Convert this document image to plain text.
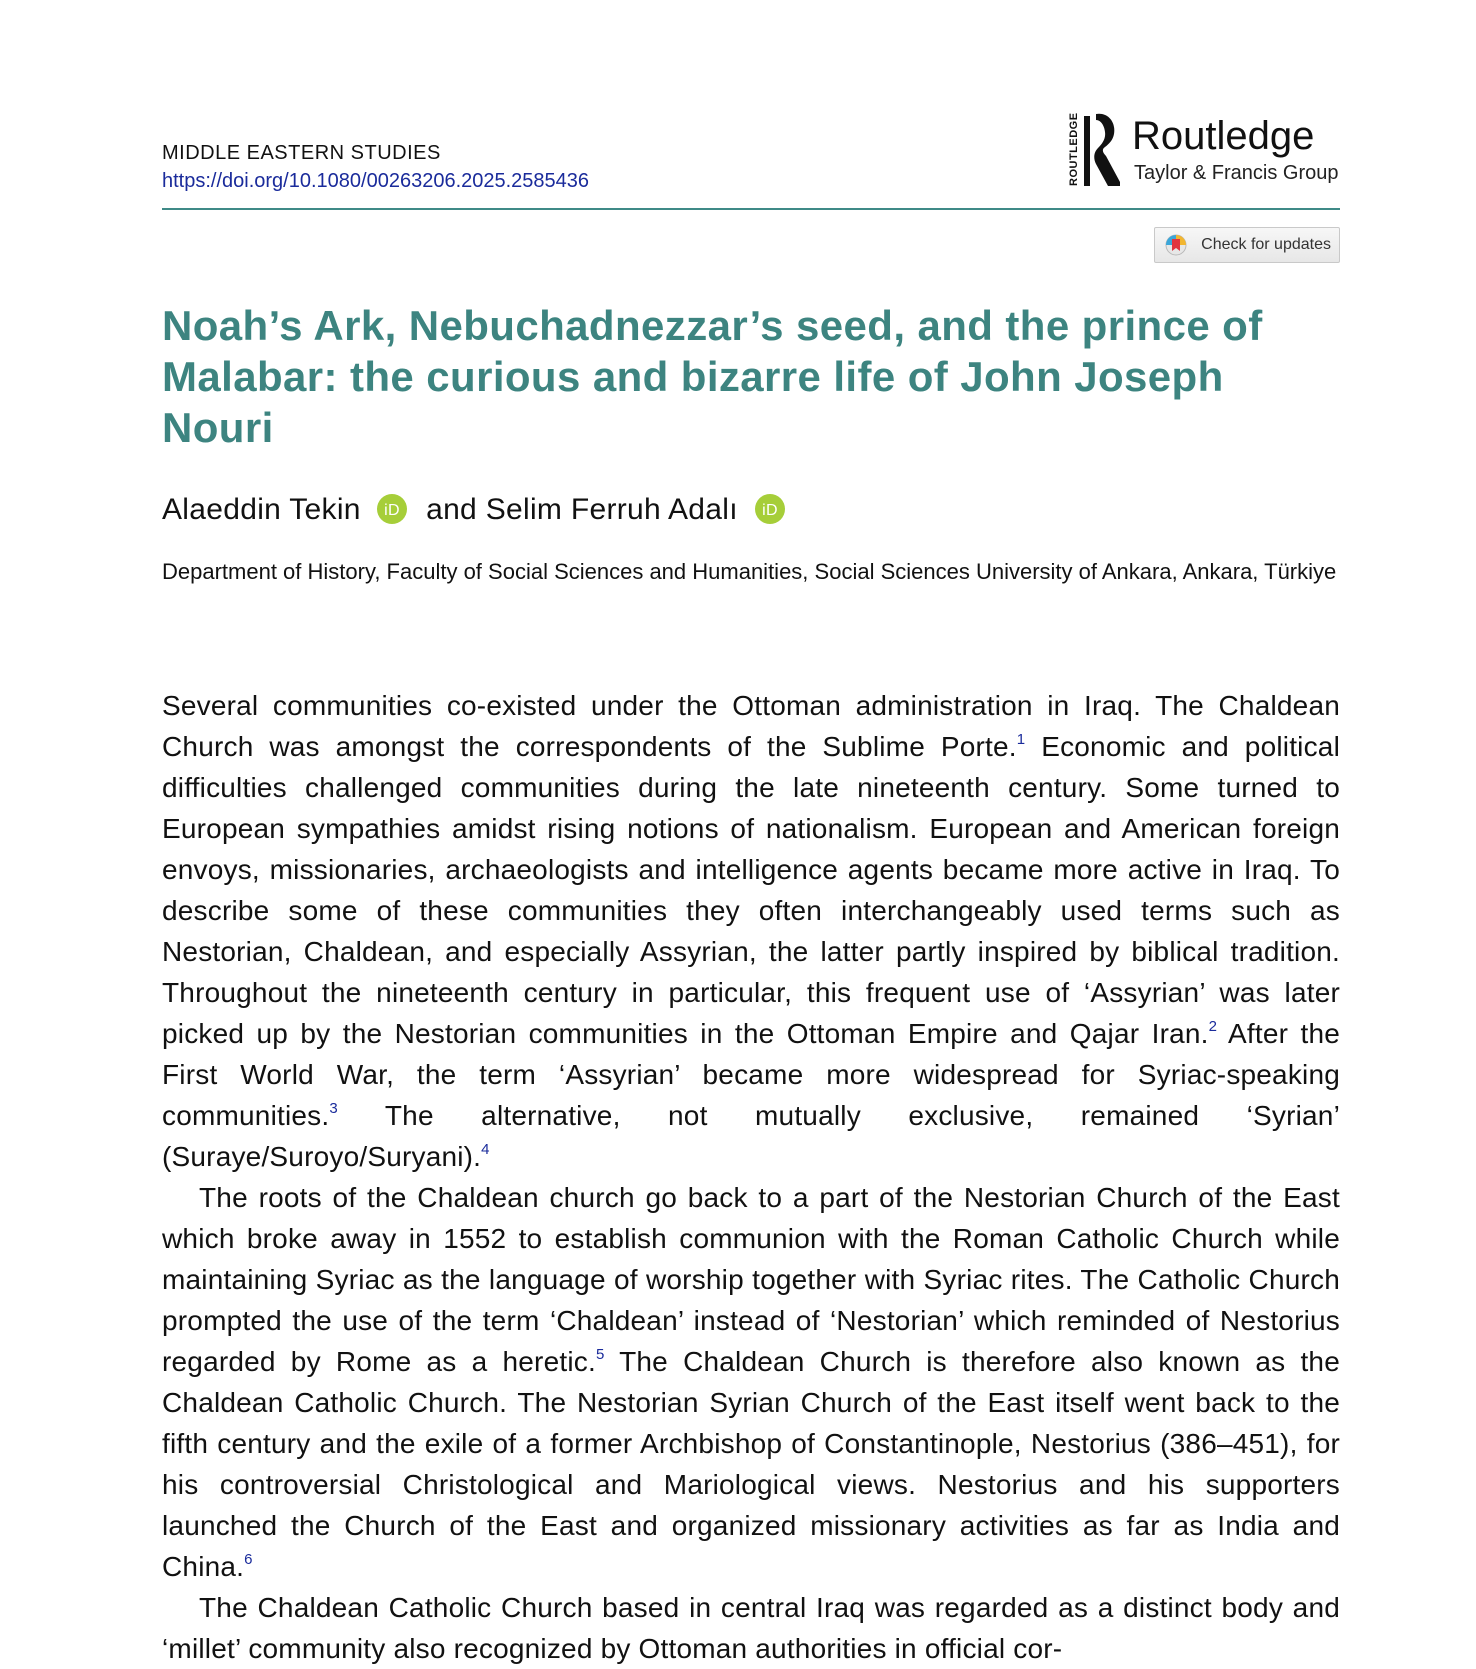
MIDDLE EASTERN STUDIES
https://doi.org/10.1080/00263206.2025.2585436	ROUTLEDGE Routledge
Taylor & Francis Group
Check for updates
Noah’s Ark, Nebuchadnezzar’s seed, and the prince of Malabar: the curious and bizarre life of John Joseph Nouri
Alaeddin Tekin iD and Selim Ferruh Adalı iD

Department of History, Faculty of Social Sciences and Humanities, Social Sciences University of Ankara, Ankara, Türkiye

Several communities co-existed under the Ottoman administration in Iraq. The Chaldean Church was amongst the correspondents of the Sublime Porte.$^1$ Economic and political difficulties challenged communities during the late nineteenth century. Some turned to European sympathies amidst rising notions of nationalism. European and American foreign envoys, missionaries, archaeologists and intelligence agents became more active in Iraq. To describe some of these communities they often interchangeably used terms such as Nestorian, Chaldean, and especially Assyrian, the latter partly inspired by biblical tradition. Throughout the nineteenth century in particular, this frequent use of ‘Assyrian’ was later picked up by the Nestorian communities in the Ottoman Empire and Qajar Iran.$^2$ After the First World War, the term ‘Assyrian’ became more widespread for Syriac-speaking communities.$^3$ The alternative, not mutually exclusive, remained ‘Syrian’ (Suraye/Suroyo/Suryani).$^4$

The roots of the Chaldean church go back to a part of the Nestorian Church of the East which broke away in 1552 to establish communion with the Roman Catholic Church while maintaining Syriac as the language of worship together with Syriac rites. The Catholic Church prompted the use of the term ‘Chaldean’ instead of ‘Nestorian’ which reminded of Nestorius regarded by Rome as a heretic.$^5$ The Chaldean Church is therefore also known as the Chaldean Catholic Church. The Nestorian Syrian Church of the East itself went back to the fifth century and the exile of a former Archbishop of Constantinople, Nestorius (386–451), for his controversial Christological and Mariological views. Nestorius and his supporters launched the Church of the East and organized missionary activities as far as India and China.$^6$

The Chaldean Catholic Church based in central Iraq was regarded as a distinct body and ‘millet’ community also recognized by Ottoman authorities in official cor-
